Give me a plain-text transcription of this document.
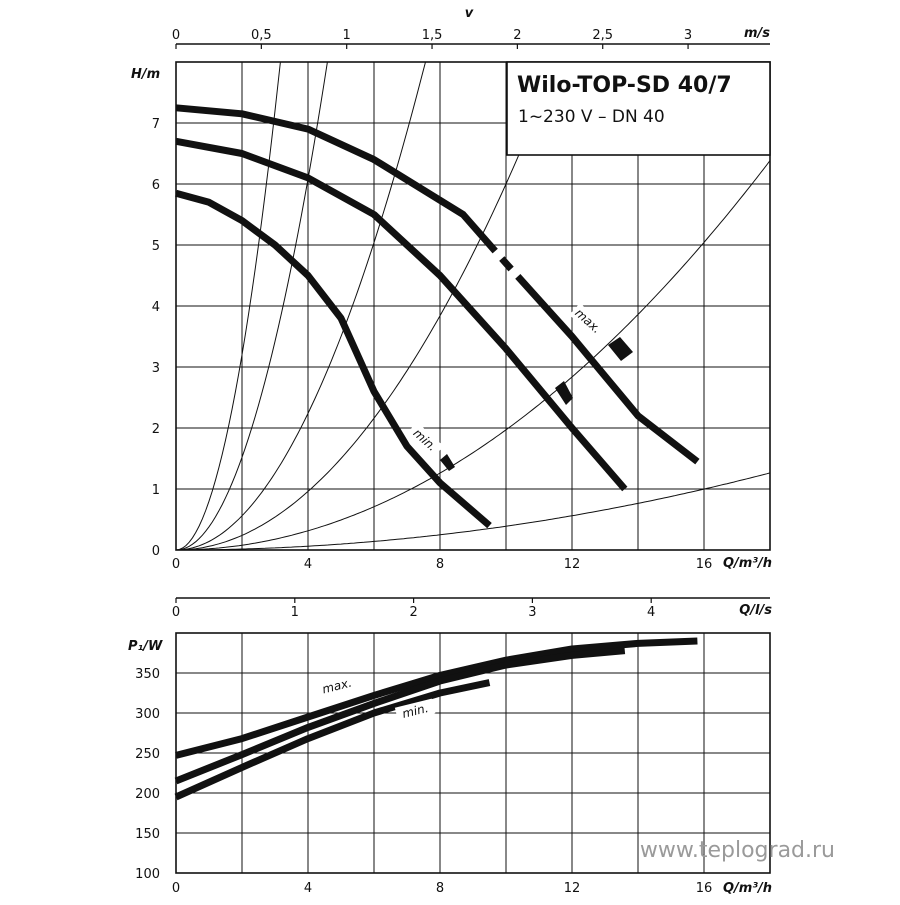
0	0,5	1	1,5	2	2,5	3
v
m/s
0	4	8	12	16
0
1
2
3
4
5
6
7
H/m
Q/m³/h
Wilo-TOP-SD 40/7
1~230 V – DN 40
max.
min.
0	1	2	3	4	Q/l/s
0	4	8	12	16
100
150
200
250
300
350
P₁/W
Q/m³/h
max.
min.
www.teplograd.ru
